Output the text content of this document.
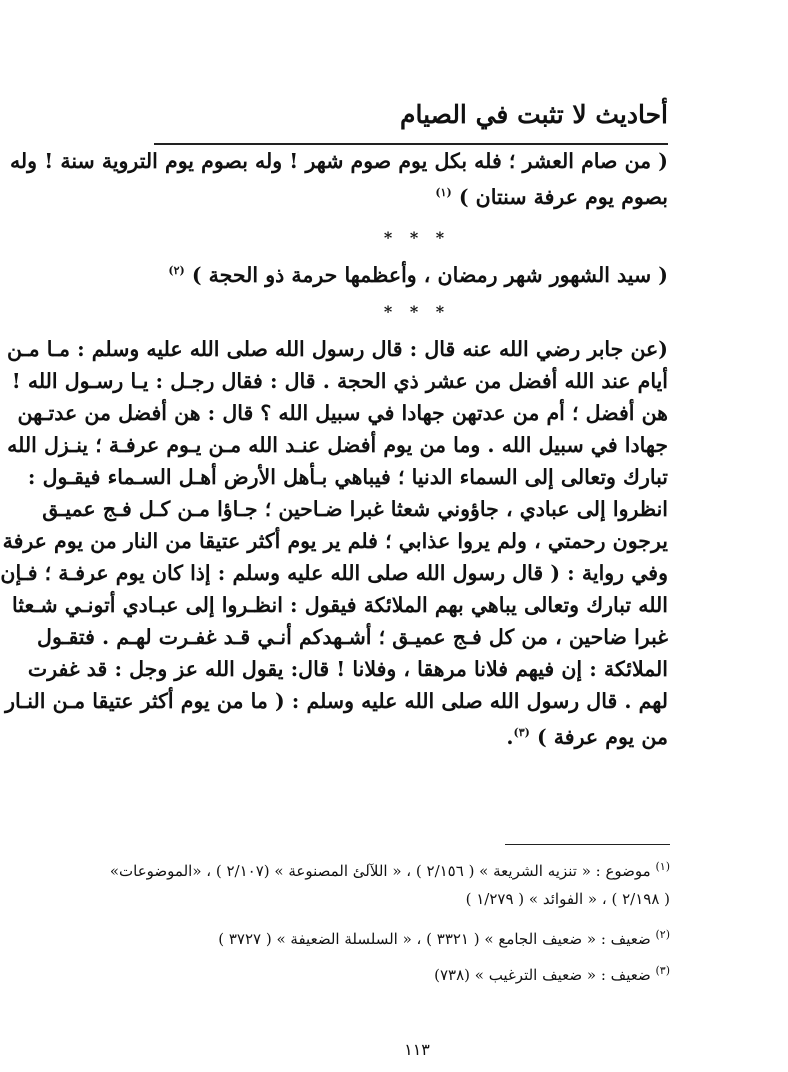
أحاديث لا تثبت في الصيام
( من صام العشر ؛ فله بكل يوم صوم شهر ! وله بصوم يوم التروية سنة ! وله
بصوم يوم عرفة سنتان ) $^{(١)}$
* * *
( سيد الشهور شهر رمضان ، وأعظمها حرمة ذو الحجة ) $^{(٢)}$
* * *
(عن جابر رضي الله عنه قال : قال رسول الله صلى الله عليه وسلم : مـا مـن
أيام عند الله أفضل من عشر ذي الحجة . قال : فقال رجـل : يـا رسـول الله !
هن أفضل ؛ أم من عدتهن جهادا في سبيل الله ؟ قال : هن أفضل من عدتـهن
جهادا في سبيل الله . وما من يوم أفضل عنـد الله مـن يـوم عرفـة ؛ ينـزل الله
تبارك وتعالى إلى السماء الدنيا ؛ فيباهي بـأهل الأرض أهـل السـماء فيقـول :
انظروا إلى عبادي ، جاؤوني شعثا غبرا ضـاحين ؛ جـاؤا مـن كـل فـج عميـق
يرجون رحمتي ، ولم يروا عذابي ؛ فلم ير يوم أكثر عتيقا من النار من يوم عرفة
وفي رواية : ( قال رسول الله صلى الله عليه وسلم : إذا كان يوم عرفـة ؛ فـإن
الله تبارك وتعالى يباهي بهم الملائكة فيقول : انظـروا إلى عبـادي أتونـي شـعثا
غبرا ضاحين ، من كل فـج عميـق ؛ أشـهدكم أنـي قـد غفـرت لهـم . فتقـول
الملائكة : إن فيهم فلانا مرهقا ، وفلانا ! قال: يقول الله عز وجل : قد غفرت
لهم . قال رسول الله صلى الله عليه وسلم : ( ما من يوم أكثر عتيقا مـن النـار
من يوم عرفة ) $^{(٣)}$.
$^{(١)}$ موضوع : « تنزيه الشريعة » ( ٢/١٥٦ ) ، « اللآلئ المصنوعة » (٢/١٠٧ ) ، «الموضوعات»
( ٢/١٩٨ ) ، « الفوائد » ( ١/٢٧٩ )
$^{(٢)}$ ضعيف : « ضعيف الجامع » ( ٣٣٢١ ) ، « السلسلة الضعيفة » ( ٣٧٢٧ )
$^{(٣)}$ ضعيف : « ضعيف الترغيب » (٧٣٨)
١١٣
